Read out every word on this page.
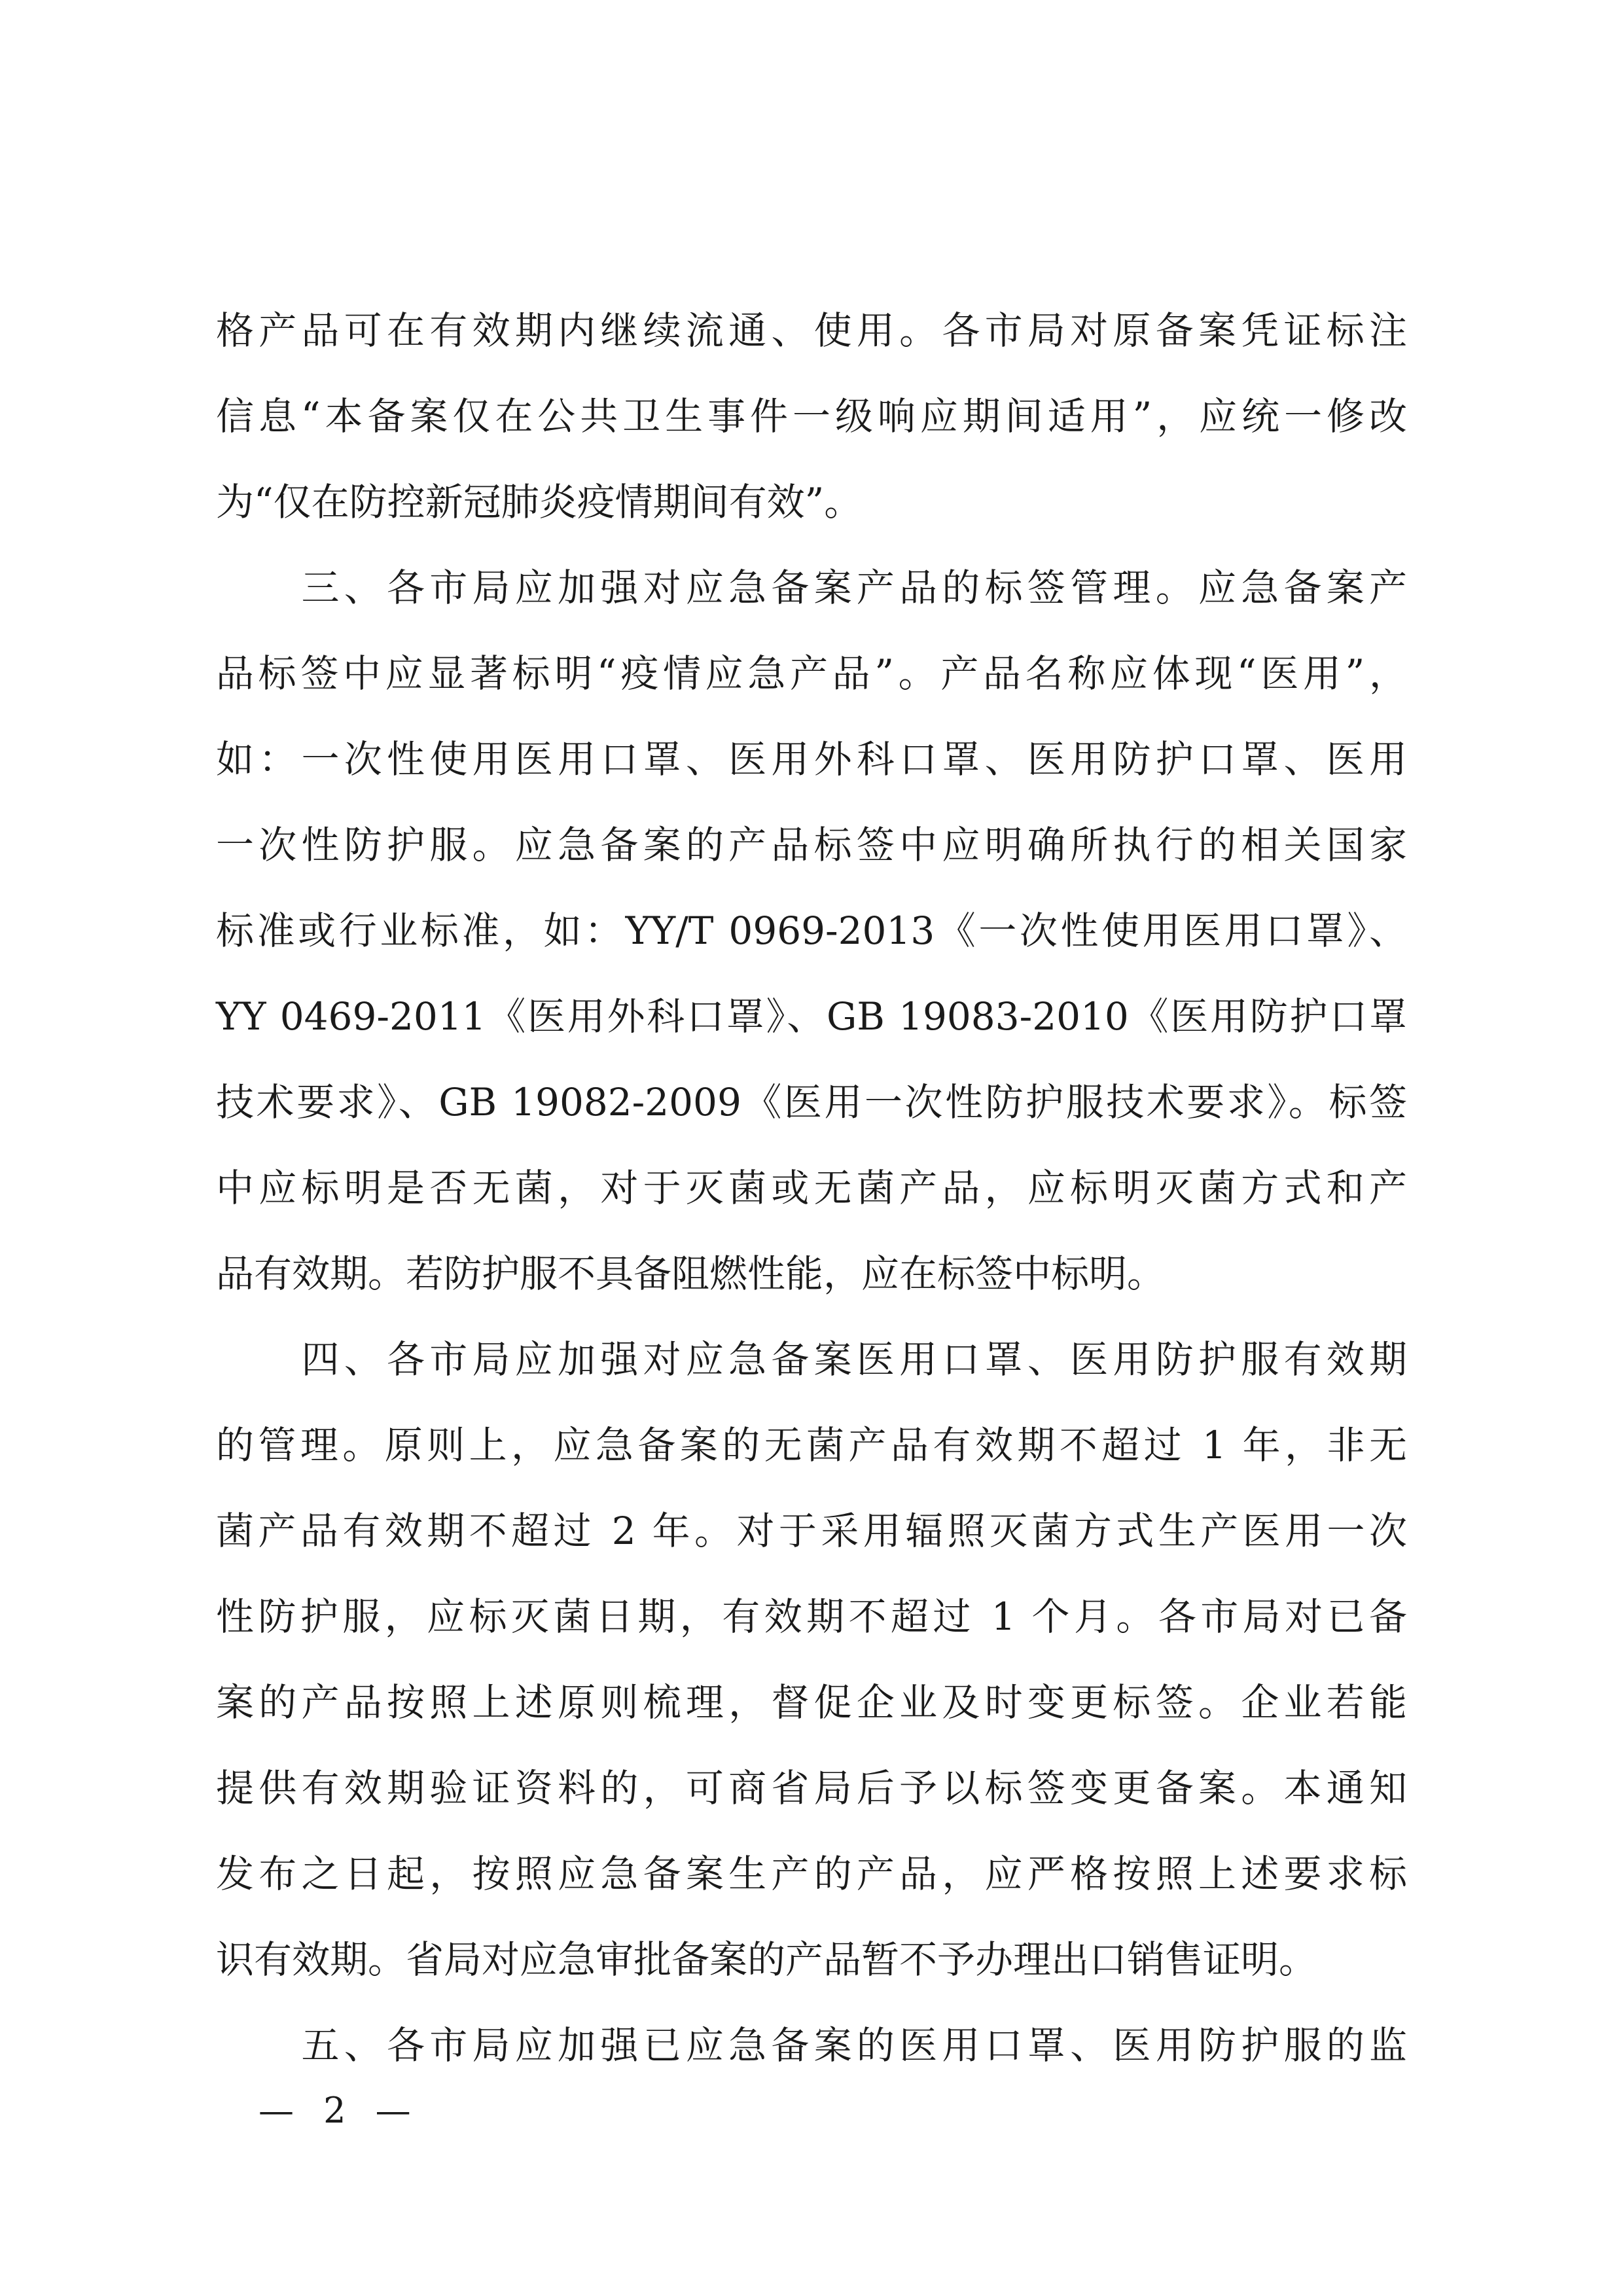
格产品可在有效期内继续流通、使用。各市局对原备案凭证标注
信息“本备案仅在公共卫生事件一级响应期间适用”，应统一修改
为“仅在防控新冠肺炎疫情期间有效”。
　　三、各市局应加强对应急备案产品的标签管理。应急备案产
品标签中应显著标明“疫情应急产品”。产品名称应体现“医用”，
如：一次性使用医用口罩、医用外科口罩、医用防护口罩、医用
一次性防护服。应急备案的产品标签中应明确所执行的相关国家
标准或行业标准，如：YY/T 0969-2013《一次性使用医用口罩》、
YY 0469-2011《医用外科口罩》、GB 19083-2010《医用防护口罩
技术要求》、GB 19082-2009《医用一次性防护服技术要求》。标签
中应标明是否无菌，对于灭菌或无菌产品，应标明灭菌方式和产
品有效期。若防护服不具备阻燃性能，应在标签中标明。
　　四、各市局应加强对应急备案医用口罩、医用防护服有效期
的管理。原则上，应急备案的无菌产品有效期不超过 1 年，非无
菌产品有效期不超过 2 年。对于采用辐照灭菌方式生产医用一次
性防护服，应标灭菌日期，有效期不超过 1 个月。各市局对已备
案的产品按照上述原则梳理，督促企业及时变更标签。企业若能
提供有效期验证资料的，可商省局后予以标签变更备案。本通知
发布之日起，按照应急备案生产的产品，应严格按照上述要求标
识有效期。省局对应急审批备案的产品暂不予办理出口销售证明。
　　五、各市局应加强已应急备案的医用口罩、医用防护服的监
— 2 —
